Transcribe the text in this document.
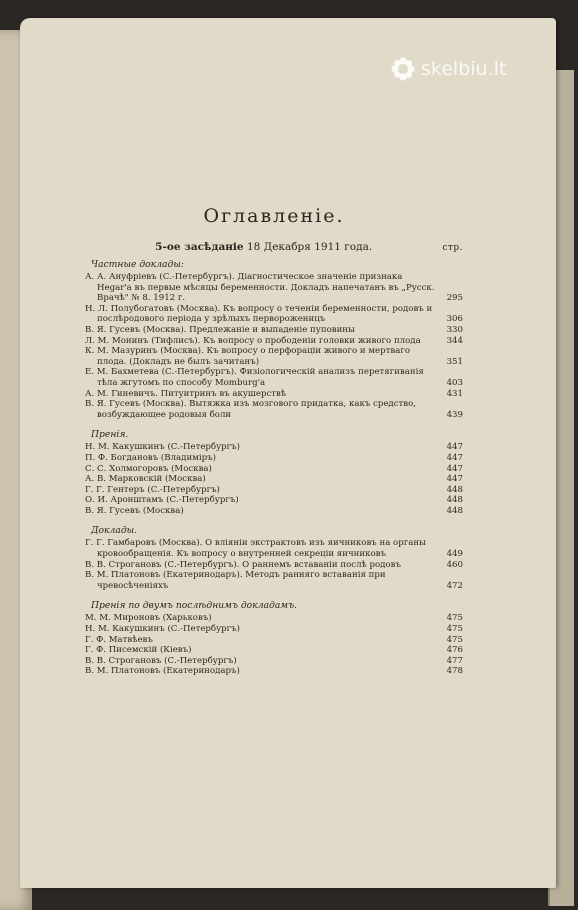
skelbiu.lt
Оглавленіе.
5-ое засѣданіе 18 Декабря 1911 года.	стр.
Частные доклады:
А. А. Ануфріевъ (С.-Петербургъ). Діагностическое значеніе признака Hegar'а въ первые мѣсяцы беременности. Докладъ напечатанъ въ „Русск. Врачѣ" № 8. 1912 г.	295
Н. Л. Полубогатовъ (Москва). Къ вопросу о теченіи беременности, родовъ и послѣродового періода у зрѣлыхъ первороженицъ	306
В. Я. Гусевъ (Москва). Предлежаніе и выпаденіе пуповины	330
Л. М. Монинъ (Тифлисъ). Къ вопросу о прободеніи головки живого плода	344
К. М. Мазуринъ (Москва). Къ вопросу о перфораціи живого и мертваго плода. (Докладъ не былъ зачитанъ)	351
Е. М. Бахметева (С.-Петербургъ). Физіологическій анализъ перетягиванія тѣла жгутомъ по способу Momburg'a	403
А. М. Гиневичъ. Питуитринъ въ акушерствѣ	431
В. Я. Гусевъ (Москва). Вытяжка изъ мозгового придатка, какъ средство, возбуждающее родовыя боли	439
Пренія.
Н. М. Какушкинъ (С.-Петербургъ)	447
П. Ф. Богдановъ (Владиміръ)	447
С. С. Холмогоровъ (Москва)	447
А. В. Марковскій (Москва)	447
Г. Г. Гентеръ (С.-Петербургъ)	448
О. И. Аронштамъ (С.-Петербургъ)	448
В. Я. Гусевъ (Москва)	448
Доклады.
Г. Г. Гамбаровъ (Москва). О вліяніи экстрактовъ изъ яичниковъ на органы кровообращенія. Къ вопросу о внутренней секреціи яичниковъ	449
В. В. Строгановъ (С.-Петербургъ). О раннемъ вставаніи послѣ родовъ	460
В. М. Платоновъ (Екатеринодаръ). Методъ ранняго вставанія при чревосѣченіяхъ	472
Пренія по двумъ послѣднимъ докладамъ.
М. М. Мироновъ (Харьковъ)	475
Н. М. Какушкинъ (С.-Петербургъ)	475
Г. Ф. Матвѣевъ	475
Г. Ф. Писемскій (Кіевъ)	476
В. В. Строгановъ (С.-Петербургъ)	477
В. М. Платоновъ (Екатеринодаръ)	478
